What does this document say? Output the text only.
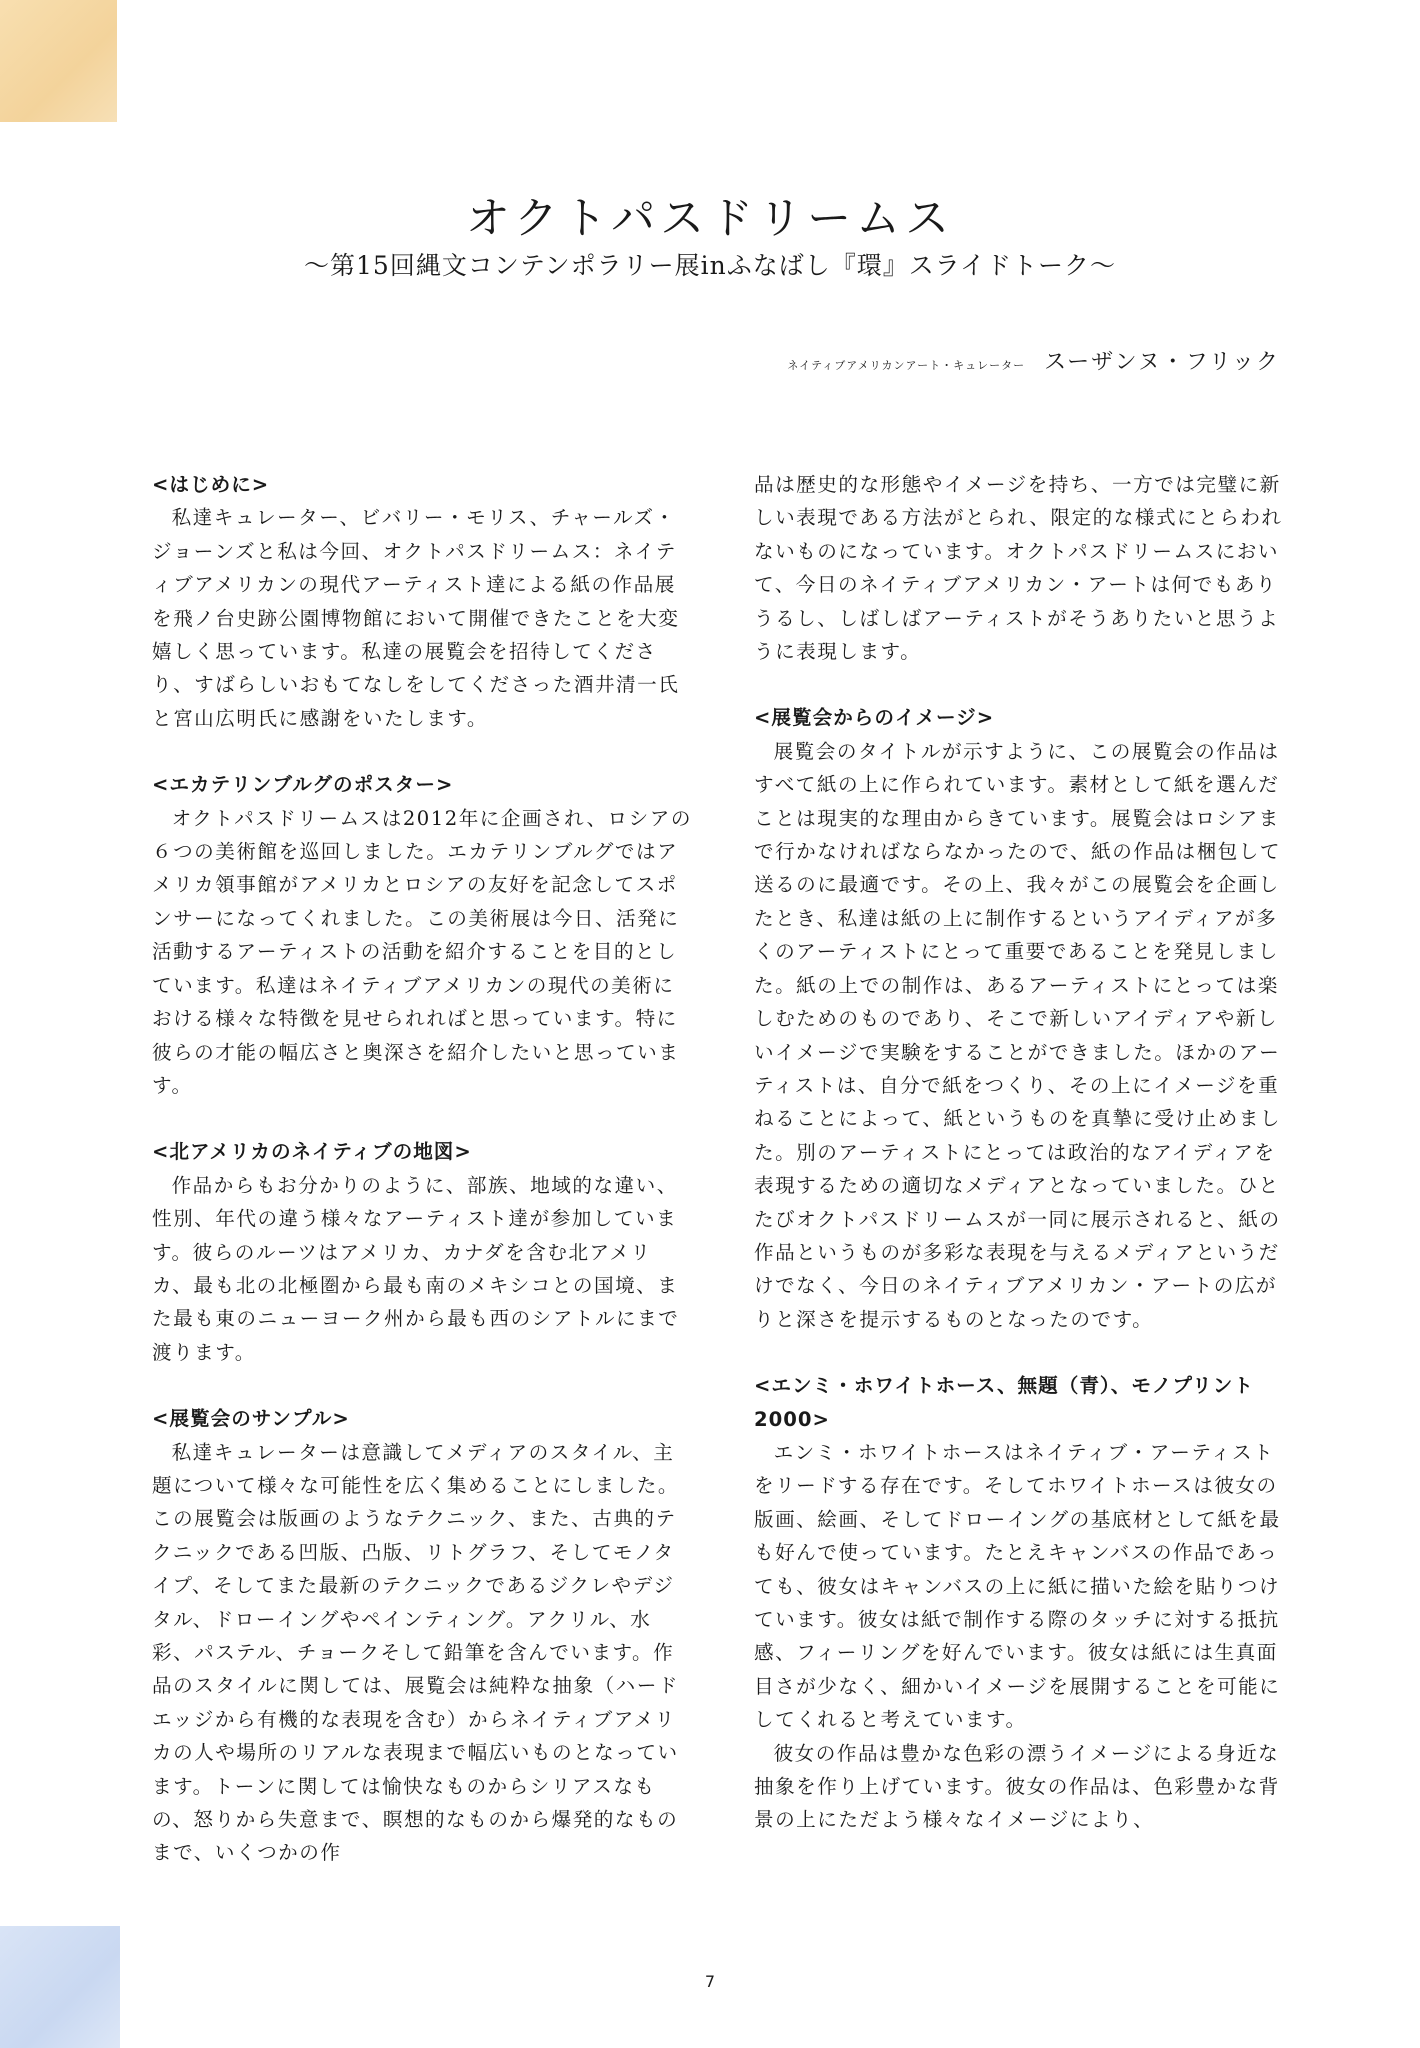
オクトパスドリームス
〜第15回縄文コンテンポラリー展inふなばし『環』スライドトーク〜
ネイティブアメリカンアート・キュレーター スーザンヌ・フリック

<はじめに>

私達キュレーター、ビバリー・モリス、チャールズ・ジョーンズと私は今回、オクトパスドリームス：ネイティブアメリカンの現代アーティスト達による紙の作品展を飛ノ台史跡公園博物館において開催できたことを大変嬉しく思っています。私達の展覧会を招待してくださり、すばらしいおもてなしをしてくださった酒井清一氏と宮山広明氏に感謝をいたします。

<エカテリンブルグのポスター>

オクトパスドリームスは2012年に企画され、ロシアの６つの美術館を巡回しました。エカテリンブルグではアメリカ領事館がアメリカとロシアの友好を記念してスポンサーになってくれました。この美術展は今日、活発に活動するアーティストの活動を紹介することを目的としています。私達はネイティブアメリカンの現代の美術における様々な特徴を見せられればと思っています。特に彼らの才能の幅広さと奥深さを紹介したいと思っています。

<北アメリカのネイティブの地図>

作品からもお分かりのように、部族、地域的な違い、性別、年代の違う様々なアーティスト達が参加しています。彼らのルーツはアメリカ、カナダを含む北アメリカ、最も北の北極圏から最も南のメキシコとの国境、また最も東のニューヨーク州から最も西のシアトルにまで渡ります。

<展覧会のサンプル>

私達キュレーターは意識してメディアのスタイル、主題について様々な可能性を広く集めることにしました。この展覧会は版画のようなテクニック、また、古典的テクニックである凹版、凸版、リトグラフ、そしてモノタイプ、そしてまた最新のテクニックであるジクレやデジタル、ドローイングやペインティング。アクリル、水彩、パステル、チョークそして鉛筆を含んでいます。作品のスタイルに関しては、展覧会は純粋な抽象（ハードエッジから有機的な表現を含む）からネイティブアメリカの人や場所のリアルな表現まで幅広いものとなっています。トーンに関しては愉快なものからシリアスなもの、怒りから失意まで、瞑想的なものから爆発的なものまで、いくつかの作

品は歴史的な形態やイメージを持ち、一方では完璧に新しい表現である方法がとられ、限定的な様式にとらわれないものになっています。オクトパスドリームスにおいて、今日のネイティブアメリカン・アートは何でもありうるし、しばしばアーティストがそうありたいと思うように表現します。

<展覧会からのイメージ>

展覧会のタイトルが示すように、この展覧会の作品はすべて紙の上に作られています。素材として紙を選んだことは現実的な理由からきています。展覧会はロシアまで行かなければならなかったので、紙の作品は梱包して送るのに最適です。その上、我々がこの展覧会を企画したとき、私達は紙の上に制作するというアイディアが多くのアーティストにとって重要であることを発見しました。紙の上での制作は、あるアーティストにとっては楽しむためのものであり、そこで新しいアイディアや新しいイメージで実験をすることができました。ほかのアーティストは、自分で紙をつくり、その上にイメージを重ねることによって、紙というものを真摯に受け止めました。別のアーティストにとっては政治的なアイディアを表現するための適切なメディアとなっていました。ひとたびオクトパスドリームスが一同に展示されると、紙の作品というものが多彩な表現を与えるメディアというだけでなく、今日のネイティブアメリカン・アートの広がりと深さを提示するものとなったのです。

<エンミ・ホワイトホース、無題（青）、モノプリント2000>

エンミ・ホワイトホースはネイティブ・アーティストをリードする存在です。そしてホワイトホースは彼女の版画、絵画、そしてドローイングの基底材として紙を最も好んで使っています。たとえキャンバスの作品であっても、彼女はキャンバスの上に紙に描いた絵を貼りつけています。彼女は紙で制作する際のタッチに対する抵抗感、フィーリングを好んでいます。彼女は紙には生真面目さが少なく、細かいイメージを展開することを可能にしてくれると考えています。

彼女の作品は豊かな色彩の漂うイメージによる身近な抽象を作り上げています。彼女の作品は、色彩豊かな背景の上にただよう様々なイメージにより、

7
